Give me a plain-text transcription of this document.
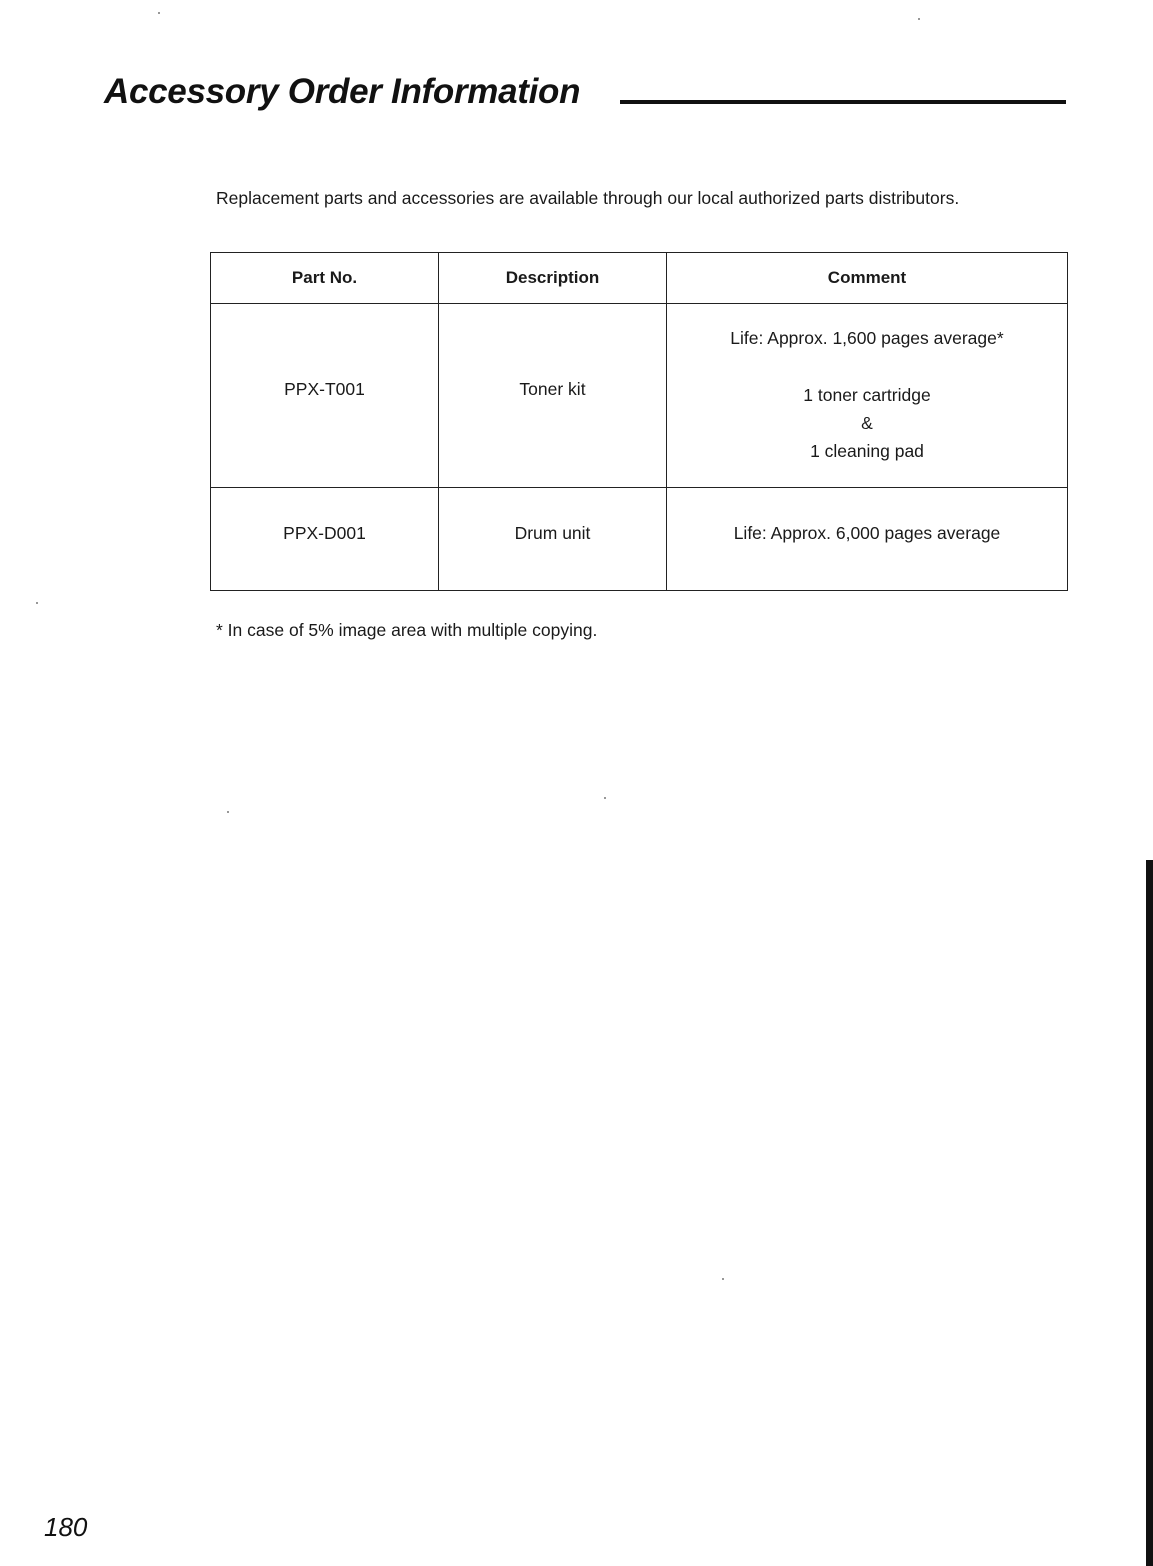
Accessory Order Information
Replacement parts and accessories are available through our local authorized parts distributors.
Part No.	Description	Comment
PPX-T001	Toner kit	Life: Approx. 1,600 pages average*
1 toner cartridge
&
1 cleaning pad

PPX-D001	Drum unit	Life: Approx. 6,000 pages average
* In case of 5% image area with multiple copying.
180
